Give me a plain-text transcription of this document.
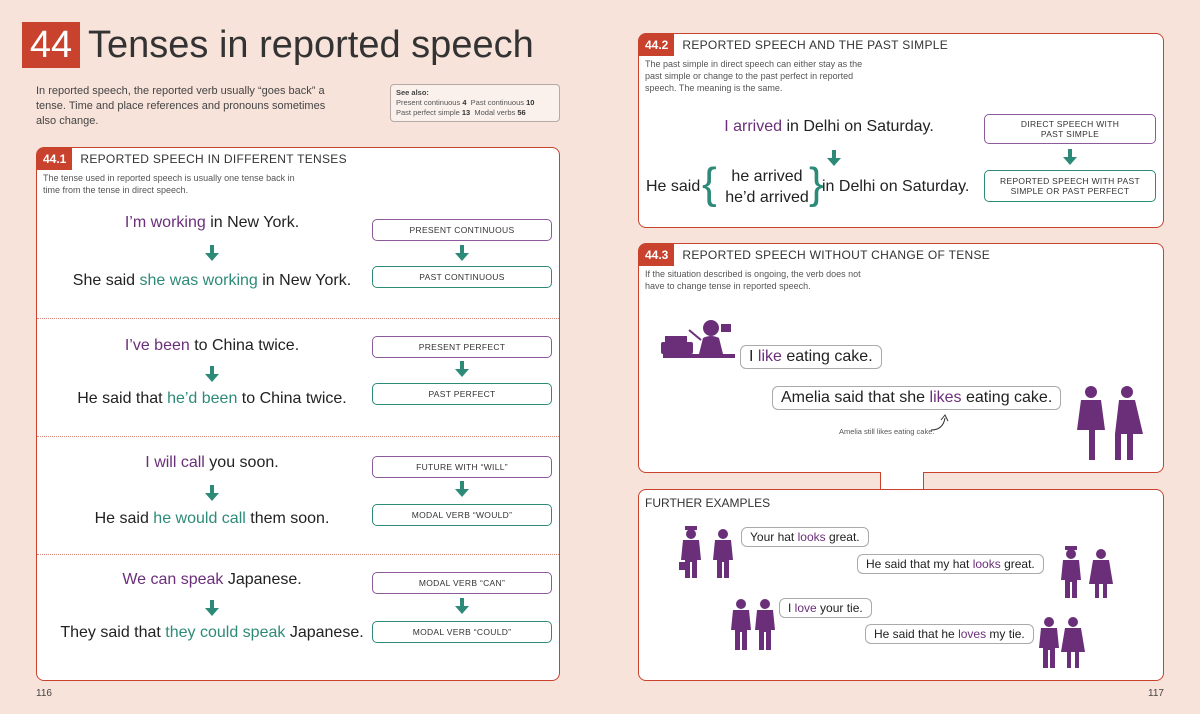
44 Tenses in reported speech
In reported speech, the reported verb usually “goes back” a tense. Time and place references and pronouns sometimes also change.
See also:
Present continuous 4 Past continuous 10
Past perfect simple 13 Modal verbs 56
44.1	REPORTED SPEECH IN DIFFERENT TENSES
The tense used in reported speech is usually one tense back in time from the tense in direct speech.
I’m working in New York.
She said she was working in New York.
PRESENT CONTINUOUS
PAST CONTINUOUS
I’ve been to China twice.
He said that he’d been to China twice.
PRESENT PERFECT
PAST PERFECT
I will call you soon.
He said he would call them soon.
FUTURE WITH “WILL”
MODAL VERB “WOULD”
We can speak Japanese.
They said that they could speak Japanese.
MODAL VERB “CAN”
MODAL VERB “COULD”
116
44.2	REPORTED SPEECH AND THE PAST SIMPLE
The past simple in direct speech can either stay as the past simple or change to the past perfect in reported speech. The meaning is the same.
I arrived in Delhi on Saturday.
He said { he arrived
he’d arrived }
in Delhi on Saturday.
DIRECT SPEECH WITH PAST SIMPLE
REPORTED SPEECH WITH PAST SIMPLE OR PAST PERFECT
44.3	REPORTED SPEECH WITHOUT CHANGE OF TENSE
If the situation described is ongoing, the verb does not have to change tense in reported speech.
I like eating cake.
Amelia said that she likes eating cake.
Amelia still likes eating cake.
FURTHER EXAMPLES
Your hat looks great.
He said that my hat looks great.
I love your tie.
He said that he loves my tie.
117
